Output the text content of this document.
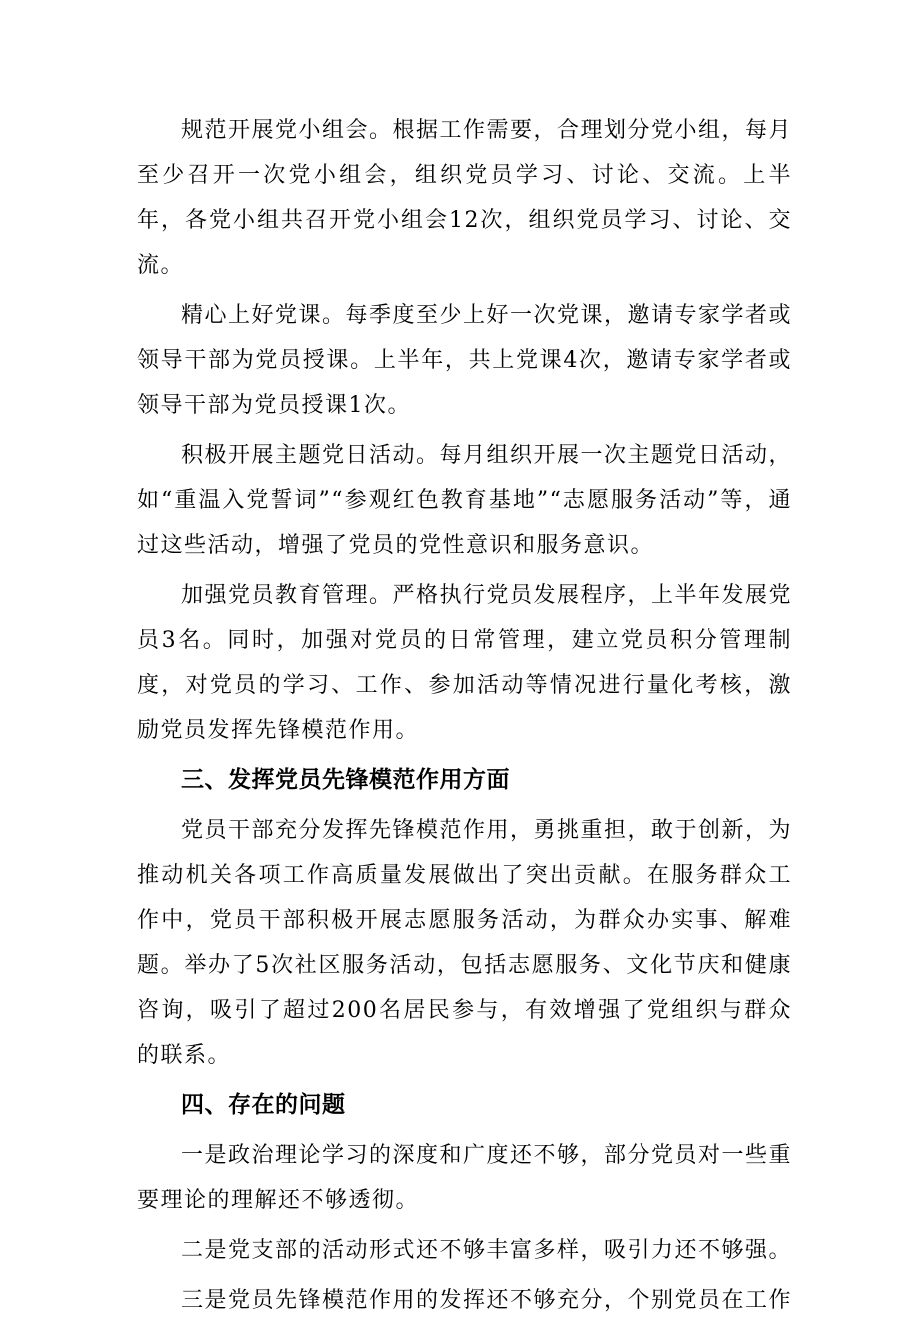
规范开展党小组会。根据工作需要，合理划分党小组，每月至少召开一次党小组会，组织党员学习、讨论、交流。上半年，各党小组共召开党小组会12次，组织党员学习、讨论、交流。

精心上好党课。每季度至少上好一次党课，邀请专家学者或领导干部为党员授课。上半年，共上党课4次，邀请专家学者或领导干部为党员授课1次。

积极开展主题党日活动。每月组织开展一次主题党日活动，如“重温入党誓词”“参观红色教育基地”“志愿服务活动”等，通过这些活动，增强了党员的党性意识和服务意识。

加强党员教育管理。严格执行党员发展程序，上半年发展党员3名。同时，加强对党员的日常管理，建立党员积分管理制度，对党员的学习、工作、参加活动等情况进行量化考核，激励党员发挥先锋模范作用。

三、发挥党员先锋模范作用方面

党员干部充分发挥先锋模范作用，勇挑重担，敢于创新，为推动机关各项工作高质量发展做出了突出贡献。在服务群众工作中，党员干部积极开展志愿服务活动，为群众办实事、解难题。举办了5次社区服务活动，包括志愿服务、文化节庆和健康咨询，吸引了超过200名居民参与，有效增强了党组织与群众的联系。

四、存在的问题

一是政治理论学习的深度和广度还不够，部分党员对一些重要理论的理解还不够透彻。

二是党支部的活动形式还不够丰富多样，吸引力还不够强。

三是党员先锋模范作用的发挥还不够充分，个别党员在工作
